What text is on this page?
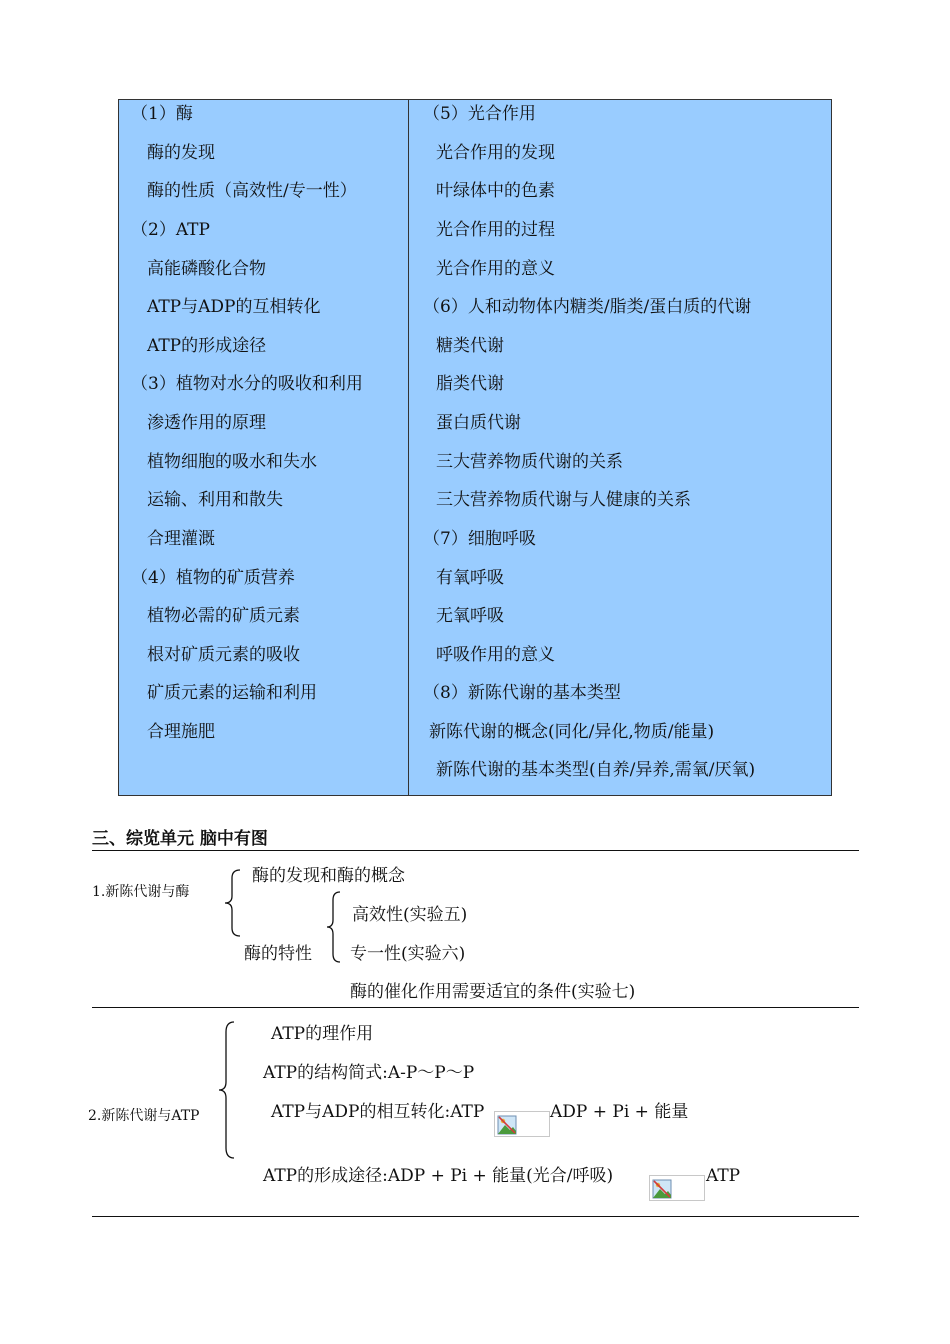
（1）酶
酶的发现
酶的性质（高效性/专一性）
（2）ATP
高能磷酸化合物
ATP与ADP的互相转化
ATP的形成途径
（3）植物对水分的吸收和利用
渗透作用的原理
植物细胞的吸水和失水
运输、利用和散失
合理灌溉
（4）植物的矿质营养
植物必需的矿质元素
根对矿质元素的吸收
矿质元素的运输和利用
合理施肥
（5）光合作用
光合作用的发现
叶绿体中的色素
光合作用的过程
光合作用的意义
（6）人和动物体内糖类/脂类/蛋白质的代谢
糖类代谢
脂类代谢
蛋白质代谢
三大营养物质代谢的关系
三大营养物质代谢与人健康的关系
（7）细胞呼吸
有氧呼吸
无氧呼吸
呼吸作用的意义
（8）新陈代谢的基本类型
新陈代谢的概念(同化/异化,物质/能量)
新陈代谢的基本类型(自养/异养,需氧/厌氧)
三、综览单元 脑中有图
1.新陈代谢与酶
酶的发现和酶的概念
高效性(实验五)
酶的特性 专一性(实验六)
酶的催化作用需要适宜的条件(实验七)
ATP的理作用
ATP的结构简式:A-P～P～P
2.新陈代谢与ATP	ATP与ADP的相互转化:ATP	ADP + Pi + 能量
ATP的形成途径:ADP + Pi + 能量(光合/呼吸)	ATP
